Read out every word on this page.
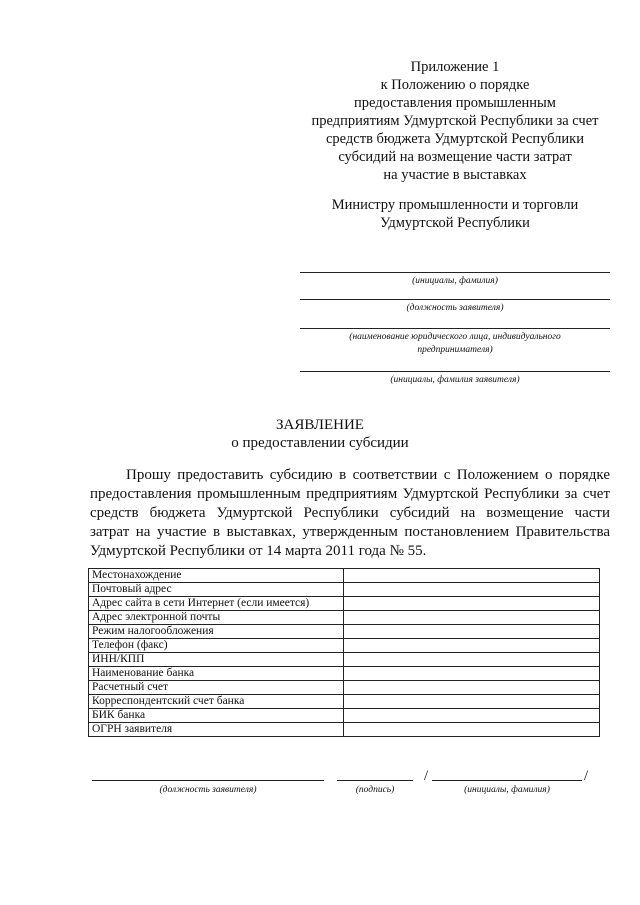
Приложение 1
к Положению о порядке
предоставления промышленным
предприятиям Удмуртской Республики за счет
средств бюджета Удмуртской Республики
субсидий на возмещение части затрат
на участие в выставках
Министру промышленности и торговли
Удмуртской Республики
(инициалы, фамилия)
(должность заявителя)
(наименование юридического лица, индивидуального
предпринимателя)
(инициалы, фамилия заявителя)
ЗАЯВЛЕНИЕ
о предоставлении субсидии
Прошу предоставить субсидию в соответствии с Положением о порядке
предоставления промышленным предприятиям Удмуртской Республики за счет
средств бюджета Удмуртской Республики субсидий на возмещение части
затрат на участие в выставках, утвержденным постановлением Правительства
Удмуртской Республики от 14 марта 2011 года № 55.
Местонахождение	
Почтовый адрес	
Адрес сайта в сети Интернет (если имеется)	
Адрес электронной почты	
Режим налогообложения	
Телефон (факс)	
ИНН/КПП	
Наименование банка	
Расчетный счет	
Корреспондентский счет банка	
БИК банка	
ОГРН заявителя	
(должность заявителя)	(подпись)
/
(инициалы, фамилия)
/
